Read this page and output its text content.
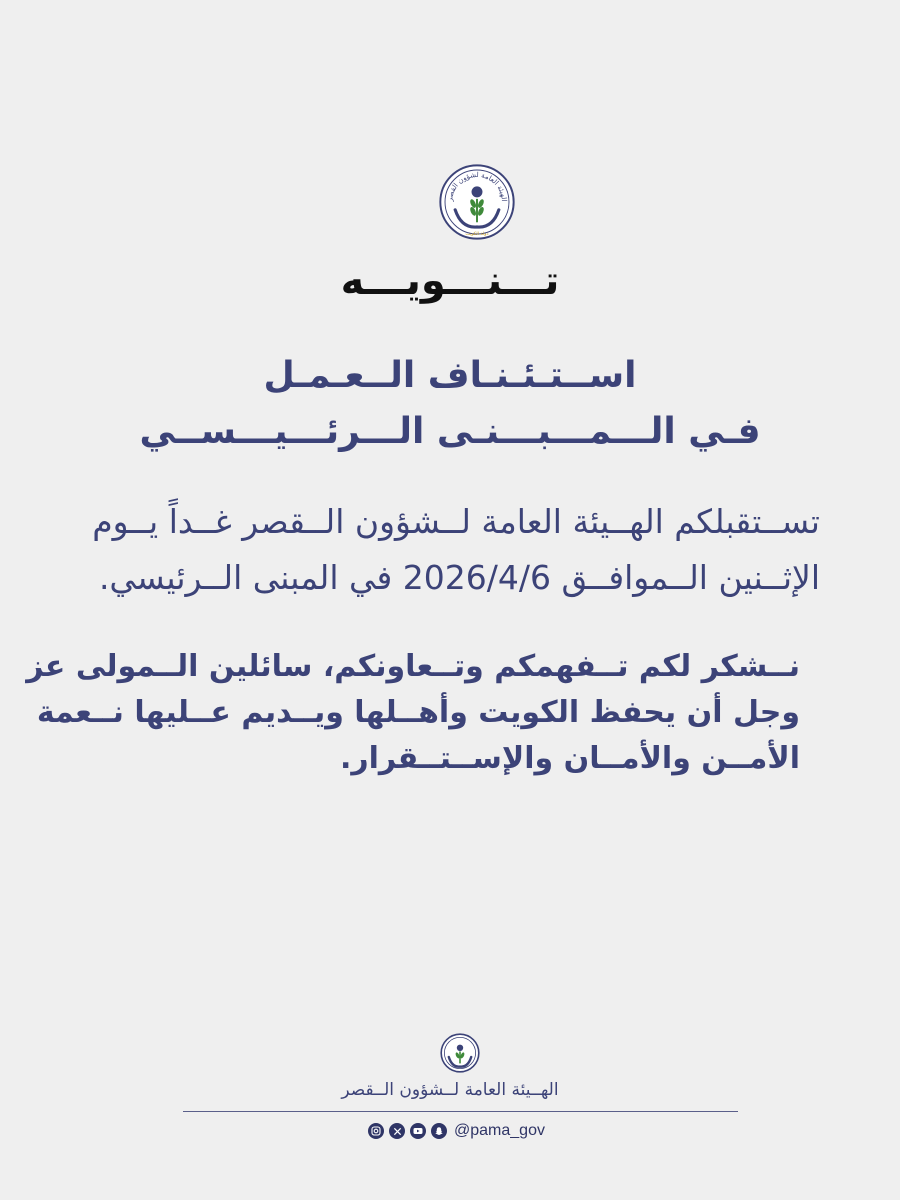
الهيئة العامة لشؤون القصر
دولة الكويت
تـــنـــويـــه
اســتـئـنـاف الــعـمـل
فـي الـــمـــبـــنـى الـــرئـــيـــســي
تســتقبلكم الهــيئة العامة لــشؤون الــقصر غــداً يــوم
الإثــنين الــموافــق 2026/4/6 في المبنى الــرئيسي.
نــشكر لكم تــفهمكم وتــعاونكم، سائلين الــمولى عز
وجل أن يحفظ الكويت وأهــلها ويــديم عــليها نــعمة
الأمــن والأمــان والإســتــقرار.
الهــيئة العامة لــشؤون الــقصر
@pama_gov
